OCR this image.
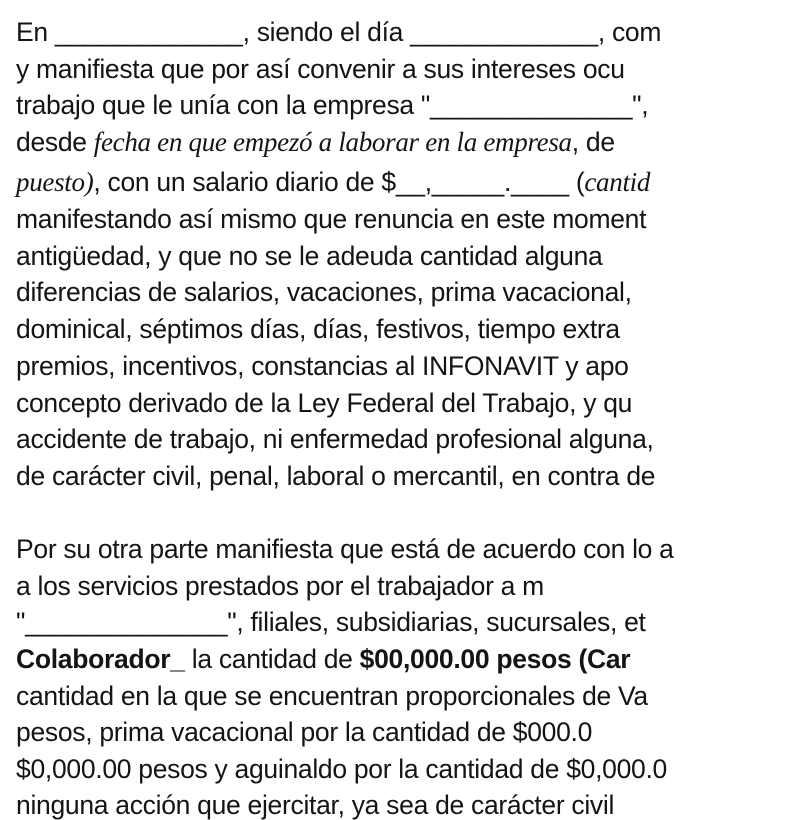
En _____________, siendo el día _____________, com
y manifiesta que por así convenir a sus intereses ocu
trabajo que le unía con la empresa "______________",
desde fecha en que empezó a laborar en la empresa, de
puesto), con un salario diario de $__,_____.____ (cantid
manifestando así mismo que renuncia en este moment
antigüedad, y que no se le adeuda cantidad alguna
diferencias de salarios, vacaciones, prima vacacional,
dominical, séptimos días, días, festivos, tiempo extra
premios, incentivos, constancias al INFONAVIT y apo
concepto derivado de la Ley Federal del Trabajo, y qu
accidente de trabajo, ni enfermedad profesional alguna,
de carácter civil, penal, laboral o mercantil, en contra de
Por su otra parte manifiesta que está de acuerdo con lo a
a los servicios prestados por el trabajador a m
"______________", filiales, subsidiarias, sucursales, et
Colaborador_ la cantidad de $00,000.00 pesos (Car
cantidad en la que se encuentran proporcionales de Va
pesos, prima vacacional por la cantidad de $000.0
$0,000.00 pesos y aguinaldo por la cantidad de $0,000.0
ninguna acción que ejercitar, ya sea de carácter civil
